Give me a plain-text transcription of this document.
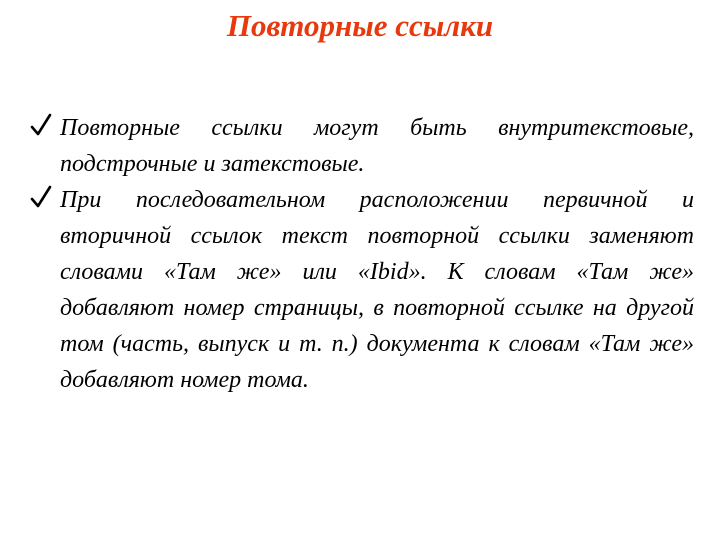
Повторные ссылки
Повторные ссылки могут быть внутритекстовые, подстрочные и затекстовые.
При последовательном расположении первичной и вторичной ссылок текст повторной ссылки заменяют словами «Там же» или «Ibid». К словам «Там же» добавляют номер страницы, в повторной ссылке на другой том (часть, выпуск и т. п.) документа к словам «Там же» добавляют номер тома.
